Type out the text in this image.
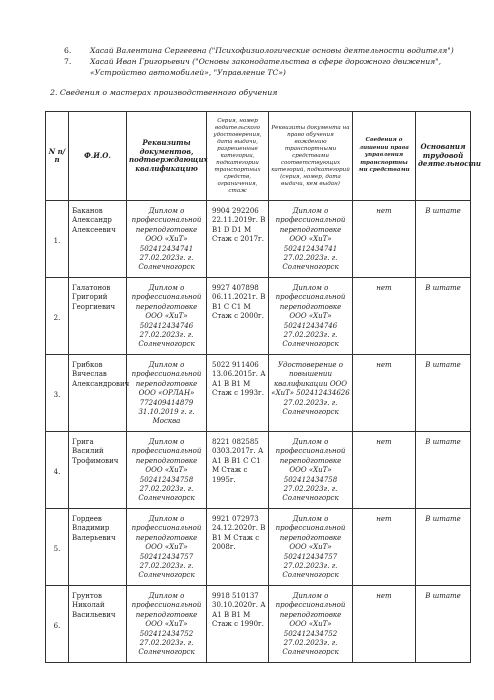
6.	Хасай Валентина Сергеевна ("Психофизиологические основы деятельности водителя")
7.	Хасай Иван Григорьевич ("Основы законодательства в сфере дорожного движения", «Устройство автомобилей», "Управление ТС»)
2. Сведения о мастерах производственного обучения
N п/п	Ф.И.О.	Реквизиты документов, подтверждающих квалификацию	Серия, номер водительского удостоверения, дата выдачи, разрешенные категории, подкатегории транспортных средств, ограничения, стаж	Реквизиты документа на право обучения вождению транспортными средствами соответствующих категорий, подкатегорий (серия, номер, дата выдачи, кем выдан)	Сведения о лишении права управления транспортны ми средствами	Основания трудовой деятельности
1.	Баканов Александр Алексеевич	Диплом о профессиональной переподготовке ООО «ХиТ» 502412434741 27.02.2023г. г. Солнечногорск	9904 292206 22.11.2019г. В В1 D D1 М Стаж с 2017г.	Диплом о профессиональной переподготовке ООО «ХиТ» 502412434741 27.02.2023г. г. Солнечногорск	нет	В штате
2.	Галатонов Григорий Георгиевич	Диплом о профессиональной переподготовке ООО «ХиТ» 502412434746 27.02.2023г. г. Солнечногорск	9927 407898 06.11.2021г. В В1 С С1 М Стаж с 2000г.	Диплом о профессиональной переподготовке ООО «ХиТ» 502412434746 27.02.2023г. г. Солнечногорск	нет	В штате
3.	Грибков Вячеслав Александрович	Диплом о профессиональной переподготовке ООО «ОРЛАН» 772409414879 31.10.2019 г. г. Москва	5022 911406 13.06.2015г. А А1 В В1 М Стаж с 1993г.	Удостоверение о повышении квалификации ООО «ХиТ» 502412434626 27.02.2023г. г. Солнечногорск	нет	В штате
4.	Грига Василий Трофимович	Диплом о профессиональной переподготовке ООО «ХиТ» 502412434758 27.02.2023г. г. Солнечногорск	8221 082585 0303.2017г. А А1 В В1 С С1 М Стаж с 1995г.	Диплом о профессиональной переподготовке ООО «ХиТ» 502412434758 27.02.2023г. г. Солнечногорск	нет	В штате
5.	Гордеев Владимир Валерьевич	Диплом о профессиональной переподготовке ООО «ХиТ» 502412434757 27.02.2023г. г. Солнечногорск	9921 072973 24.12.2020г. В В1 М Стаж с 2008г.	Диплом о профессиональной переподготовке ООО «ХиТ» 502412434757 27.02.2023г. г. Солнечногорск	нет	В штате
6.	Грунтов Николай Васильевич	Диплом о профессиональной переподготовке ООО «ХиТ» 502412434752 27.02.2023г. г. Солнечногорск	9918 510137 30.10.2020г. А А1 В В1 М Стаж с 1990г.	Диплом о профессиональной переподготовке ООО «ХиТ» 502412434752 27.02.2023г. г. Солнечногорск	нет	В штате
